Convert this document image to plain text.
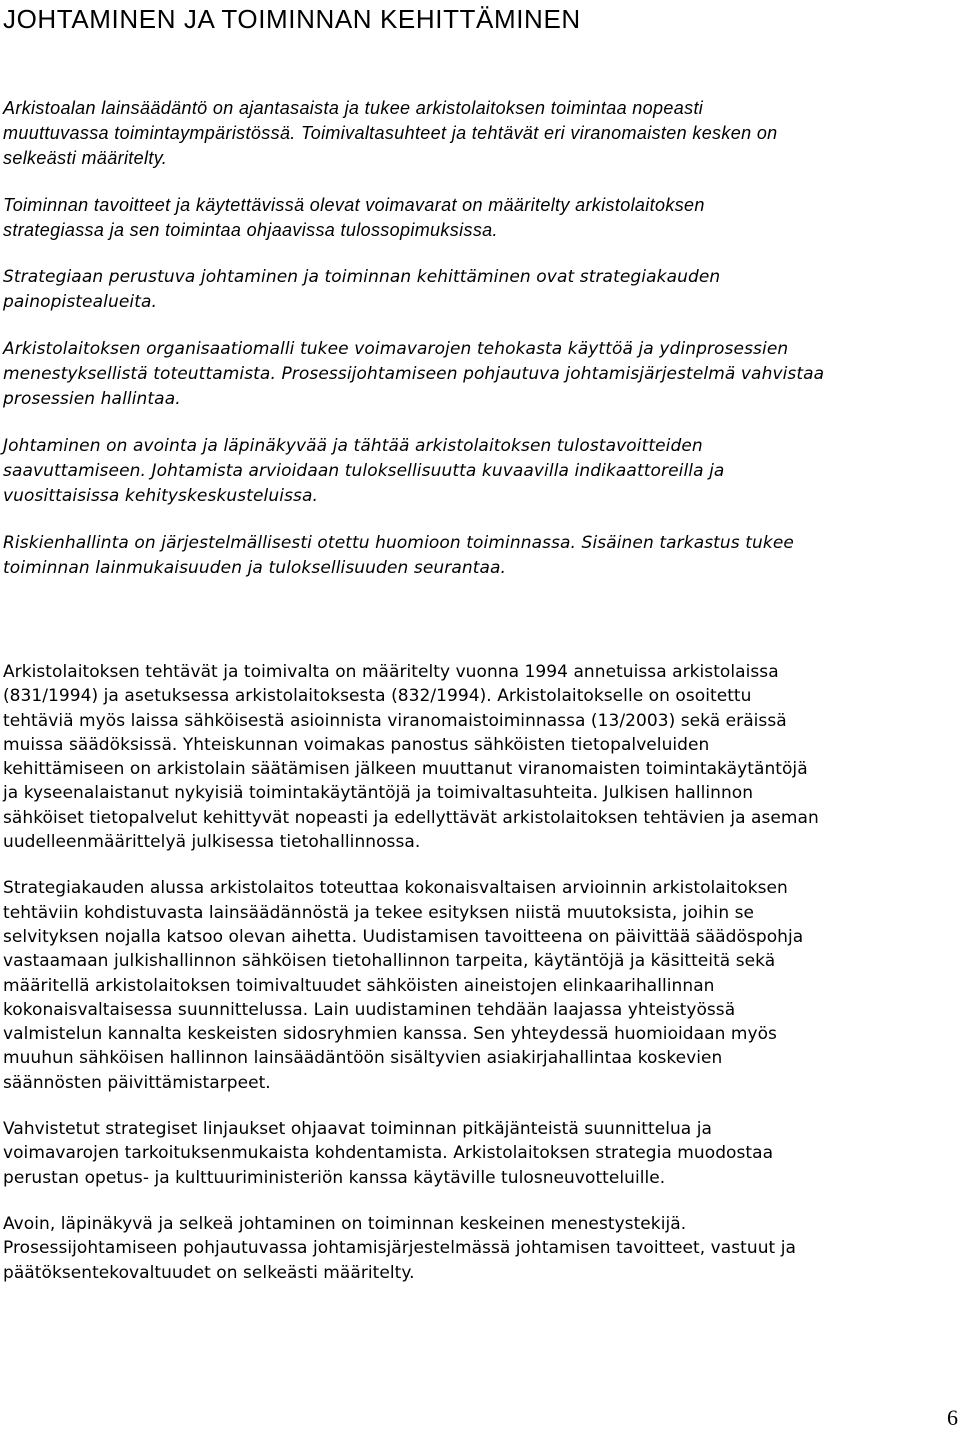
JOHTAMINEN JA TOIMINNAN KEHITTÄMINEN

Arkistoalan lainsäädäntö on ajantasaista ja tukee arkistolaitoksen toimintaa nopeasti
muuttuvassa toimintaympäristössä. Toimivaltasuhteet ja tehtävät eri viranomaisten kesken on
selkeästi määritelty.

Toiminnan tavoitteet ja käytettävissä olevat voimavarat on määritelty arkistolaitoksen
strategiassa ja sen toimintaa ohjaavissa tulossopimuksissa.

Strategiaan perustuva johtaminen ja toiminnan kehittäminen ovat strategiakauden
painopistealueita.

Arkistolaitoksen organisaatiomalli tukee voimavarojen tehokasta käyttöä ja ydinprosessien
menestyksellistä toteuttamista. Prosessijohtamiseen pohjautuva johtamisjärjestelmä vahvistaa
prosessien hallintaa.

Johtaminen on avointa ja läpinäkyvää ja tähtää arkistolaitoksen tulostavoitteiden
saavuttamiseen. Johtamista arvioidaan tuloksellisuutta kuvaavilla indikaattoreilla ja
vuosittaisissa kehityskeskusteluissa.

Riskienhallinta on järjestelmällisesti otettu huomioon toiminnassa. Sisäinen tarkastus tukee
toiminnan lainmukaisuuden ja tuloksellisuuden seurantaa.

Arkistolaitoksen tehtävät ja toimivalta on määritelty vuonna 1994 annetuissa arkistolaissa
(831/1994) ja asetuksessa arkistolaitoksesta (832/1994). Arkistolaitokselle on osoitettu
tehtäviä myös laissa sähköisestä asioinnista viranomaistoiminnassa (13/2003) sekä eräissä
muissa säädöksissä. Yhteiskunnan voimakas panostus sähköisten tietopalveluiden
kehittämiseen on arkistolain säätämisen jälkeen muuttanut viranomaisten toimintakäytäntöjä
ja kyseenalaistanut nykyisiä toimintakäytäntöjä ja toimivaltasuhteita. Julkisen hallinnon
sähköiset tietopalvelut kehittyvät nopeasti ja edellyttävät arkistolaitoksen tehtävien ja aseman
uudelleenmäärittelyä julkisessa tietohallinnossa.

Strategiakauden alussa arkistolaitos toteuttaa kokonaisvaltaisen arvioinnin arkistolaitoksen
tehtäviin kohdistuvasta lainsäädännöstä ja tekee esityksen niistä muutoksista, joihin se
selvityksen nojalla katsoo olevan aihetta. Uudistamisen tavoitteena on päivittää säädöspohja
vastaamaan julkishallinnon sähköisen tietohallinnon tarpeita, käytäntöjä ja käsitteitä sekä
määritellä arkistolaitoksen toimivaltuudet sähköisten aineistojen elinkaarihallinnan
kokonaisvaltaisessa suunnittelussa. Lain uudistaminen tehdään laajassa yhteistyössä
valmistelun kannalta keskeisten sidosryhmien kanssa. Sen yhteydessä huomioidaan myös
muuhun sähköisen hallinnon lainsäädäntöön sisältyvien asiakirjahallintaa koskevien
säännösten päivittämistarpeet.

Vahvistetut strategiset linjaukset ohjaavat toiminnan pitkäjänteistä suunnittelua ja
voimavarojen tarkoituksenmukaista kohdentamista. Arkistolaitoksen strategia muodostaa
perustan opetus- ja kulttuuriministeriön kanssa käytäville tulosneuvotteluille.

Avoin, läpinäkyvä ja selkeä johtaminen on toiminnan keskeinen menestystekijä.
Prosessijohtamiseen pohjautuvassa johtamisjärjestelmässä johtamisen tavoitteet, vastuut ja
päätöksentekovaltuudet on selkeästi määritelty.

6
